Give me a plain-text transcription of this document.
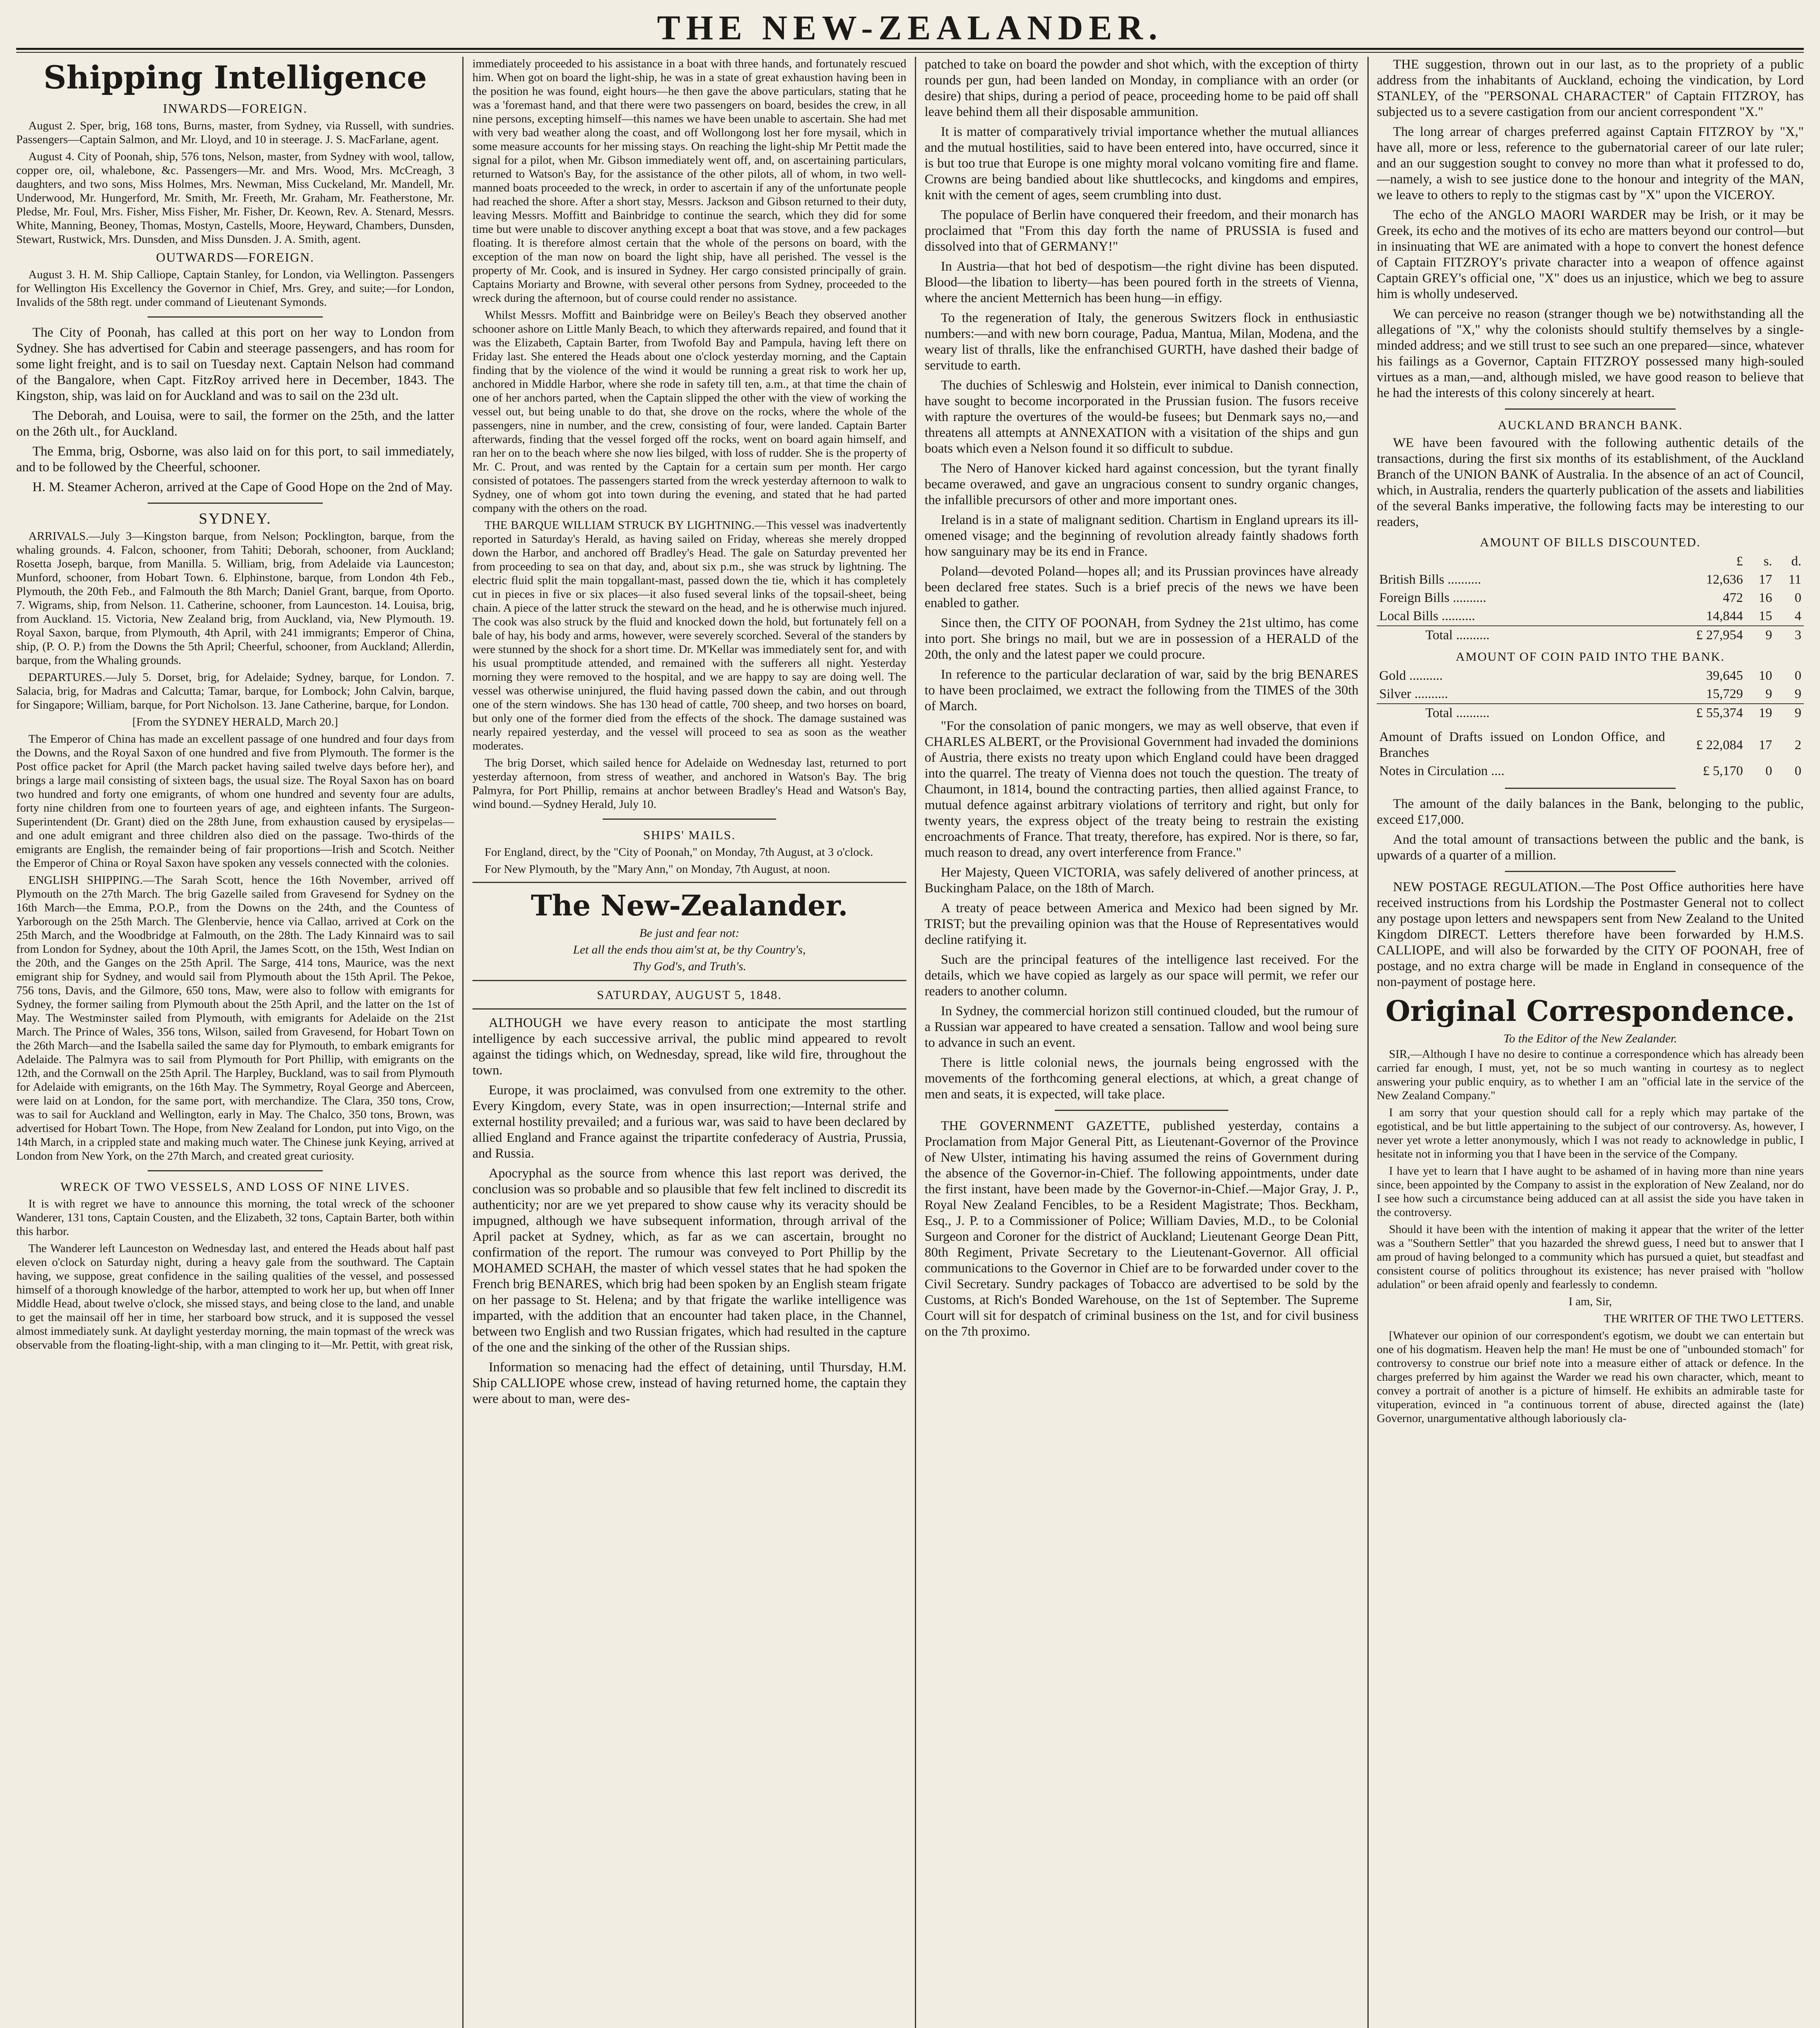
THE NEW-ZEALANDER.
Shipping Intelligence
INWARDS—FOREIGN.

August 2. Sper, brig, 168 tons, Burns, master, from Sydney, via Russell, with sundries. Passengers—Captain Salmon, and Mr. Lloyd, and 10 in steerage. J. S. MacFarlane, agent.

August 4. City of Poonah, ship, 576 tons, Nelson, master, from Sydney with wool, tallow, copper ore, oil, whalebone, &c. Passengers—Mr. and Mrs. Wood, Mrs. McCreagh, 3 daughters, and two sons, Miss Holmes, Mrs. Newman, Miss Cuckeland, Mr. Mandell, Mr. Underwood, Mr. Hungerford, Mr. Smith, Mr. Freeth, Mr. Graham, Mr. Featherstone, Mr. Pledse, Mr. Foul, Mrs. Fisher, Miss Fisher, Mr. Fisher, Dr. Keown, Rev. A. Stenard, Messrs. White, Manning, Beoney, Thomas, Mostyn, Castells, Moore, Heyward, Chambers, Dunsden, Stewart, Rustwick, Mrs. Dunsden, and Miss Dunsden. J. A. Smith, agent.

OUTWARDS—FOREIGN.

August 3. H. M. Ship Calliope, Captain Stanley, for London, via Wellington. Passengers for Wellington His Excellency the Governor in Chief, Mrs. Grey, and suite;—for London, Invalids of the 58th regt. under command of Lieutenant Symonds.

The City of Poonah, has called at this port on her way to London from Sydney. She has advertised for Cabin and steerage passengers, and has room for some light freight, and is to sail on Tuesday next. Captain Nelson had command of the Bangalore, when Capt. FitzRoy arrived here in December, 1843. The Kingston, ship, was laid on for Auckland and was to sail on the 23d ult.

The Deborah, and Louisa, were to sail, the former on the 25th, and the latter on the 26th ult., for Auckland.

The Emma, brig, Osborne, was also laid on for this port, to sail immediately, and to be followed by the Cheerful, schooner.

H. M. Steamer Acheron, arrived at the Cape of Good Hope on the 2nd of May.

SYDNEY.

ARRIVALS.—July 3—Kingston barque, from Nelson; Pocklington, barque, from the whaling grounds. 4. Falcon, schooner, from Tahiti; Deborah, schooner, from Auckland; Rosetta Joseph, barque, from Manilla. 5. William, brig, from Adelaide via Launceston; Munford, schooner, from Hobart Town. 6. Elphinstone, barque, from London 4th Feb., Plymouth, the 20th Feb., and Falmouth the 8th March; Daniel Grant, barque, from Oporto. 7. Wigrams, ship, from Nelson. 11. Catherine, schooner, from Launceston. 14. Louisa, brig, from Auckland. 15. Victoria, New Zealand brig, from Auckland, via, New Plymouth. 19. Royal Saxon, barque, from Plymouth, 4th April, with 241 immigrants; Emperor of China, ship, (P. O. P.) from the Downs the 5th April; Cheerful, schooner, from Auckland; Allerdin, barque, from the Whaling grounds.

DEPARTURES.—July 5. Dorset, brig, for Adelaide; Sydney, barque, for London. 7. Salacia, brig, for Madras and Calcutta; Tamar, barque, for Lombock; John Calvin, barque, for Singapore; William, barque, for Port Nicholson. 13. Jane Catherine, barque, for London.

[From the SYDNEY HERALD, March 20.]

The Emperor of China has made an excellent passage of one hundred and four days from the Downs, and the Royal Saxon of one hundred and five from Plymouth. The former is the Post office packet for April (the March packet having sailed twelve days before her), and brings a large mail consisting of sixteen bags, the usual size. The Royal Saxon has on board two hundred and forty one emigrants, of whom one hundred and seventy four are adults, forty nine children from one to fourteen years of age, and eighteen infants. The Surgeon-Superintendent (Dr. Grant) died on the 28th June, from exhaustion caused by erysipelas—and one adult emigrant and three children also died on the passage. Two-thirds of the emigrants are English, the remainder being of fair proportions—Irish and Scotch. Neither the Emperor of China or Royal Saxon have spoken any vessels connected with the colonies.

ENGLISH SHIPPING.—The Sarah Scott, hence the 16th November, arrived off Plymouth on the 27th March. The brig Gazelle sailed from Gravesend for Sydney on the 16th March—the Emma, P.O.P., from the Downs on the 24th, and the Countess of Yarborough on the 25th March. The Glenbervie, hence via Callao, arrived at Cork on the 25th March, and the Woodbridge at Falmouth, on the 28th. The Lady Kinnaird was to sail from London for Sydney, about the 10th April, the James Scott, on the 15th, West Indian on the 20th, and the Ganges on the 25th April. The Sarge, 414 tons, Maurice, was the next emigrant ship for Sydney, and would sail from Plymouth about the 15th April. The Pekoe, 756 tons, Davis, and the Gilmore, 650 tons, Maw, were also to follow with emigrants for Sydney, the former sailing from Plymouth about the 25th April, and the latter on the 1st of May. The Westminster sailed from Plymouth, with emigrants for Adelaide on the 21st March. The Prince of Wales, 356 tons, Wilson, sailed from Gravesend, for Hobart Town on the 26th March—and the Isabella sailed the same day for Plymouth, to embark emigrants for Adelaide. The Palmyra was to sail from Plymouth for Port Phillip, with emigrants on the 12th, and the Cornwall on the 25th April. The Harpley, Buckland, was to sail from Plymouth for Adelaide with emigrants, on the 16th May. The Symmetry, Royal George and Aberceen, were laid on at London, for the same port, with merchandize. The Clara, 350 tons, Crow, was to sail for Auckland and Wellington, early in May. The Chalco, 350 tons, Brown, was advertised for Hobart Town. The Hope, from New Zealand for London, put into Vigo, on the 14th March, in a crippled state and making much water. The Chinese junk Keying, arrived at London from New York, on the 27th March, and created great curiosity.

WRECK OF TWO VESSELS, AND LOSS OF NINE LIVES.

It is with regret we have to announce this morning, the total wreck of the schooner Wanderer, 131 tons, Captain Cousten, and the Elizabeth, 32 tons, Captain Barter, both within this harbor.

The Wanderer left Launceston on Wednesday last, and entered the Heads about half past eleven o'clock on Saturday night, during a heavy gale from the southward. The Captain having, we suppose, great confidence in the sailing qualities of the vessel, and possessed himself of a thorough knowledge of the harbor, attempted to work her up, but when off Inner Middle Head, about twelve o'clock, she missed stays, and being close to the land, and unable to get the mainsail off her in time, her starboard bow struck, and it is supposed the vessel almost immediately sunk. At daylight yesterday morning, the main topmast of the wreck was observable from the floating-light-ship, with a man clinging to it—Mr. Pettit, with great risk,

immediately proceeded to his assistance in a boat with three hands, and fortunately rescued him. When got on board the light-ship, he was in a state of great exhaustion having been in the position he was found, eight hours—he then gave the above particulars, stating that he was a 'foremast hand, and that there were two passengers on board, besides the crew, in all nine persons, excepting himself—this names we have been unable to ascertain. She had met with very bad weather along the coast, and off Wollongong lost her fore mysail, which in some measure accounts for her missing stays. On reaching the light-ship Mr Pettit made the signal for a pilot, when Mr. Gibson immediately went off, and, on ascertaining particulars, returned to Watson's Bay, for the assistance of the other pilots, all of whom, in two well-manned boats proceeded to the wreck, in order to ascertain if any of the unfortunate people had reached the shore. After a short stay, Messrs. Jackson and Gibson returned to their duty, leaving Messrs. Moffitt and Bainbridge to continue the search, which they did for some time but were unable to discover anything except a boat that was stove, and a few packages floating. It is therefore almost certain that the whole of the persons on board, with the exception of the man now on board the light ship, have all perished. The vessel is the property of Mr. Cook, and is insured in Sydney. Her cargo consisted principally of grain. Captains Moriarty and Browne, with several other persons from Sydney, proceeded to the wreck during the afternoon, but of course could render no assistance.

Whilst Messrs. Moffitt and Bainbridge were on Beiley's Beach they observed another schooner ashore on Little Manly Beach, to which they afterwards repaired, and found that it was the Elizabeth, Captain Barter, from Twofold Bay and Pampula, having left there on Friday last. She entered the Heads about one o'clock yesterday morning, and the Captain finding that by the violence of the wind it would be running a great risk to work her up, anchored in Middle Harbor, where she rode in safety till ten, a.m., at that time the chain of one of her anchors parted, when the Captain slipped the other with the view of working the vessel out, but being unable to do that, she drove on the rocks, where the whole of the passengers, nine in number, and the crew, consisting of four, were landed. Captain Barter afterwards, finding that the vessel forged off the rocks, went on board again himself, and ran her on to the beach where she now lies bilged, with loss of rudder. She is the property of Mr. C. Prout, and was rented by the Captain for a certain sum per month. Her cargo consisted of potatoes. The passengers started from the wreck yesterday afternoon to walk to Sydney, one of whom got into town during the evening, and stated that he had parted company with the others on the road.

THE BARQUE WILLIAM STRUCK BY LIGHTNING.—This vessel was inadvertently reported in Saturday's Herald, as having sailed on Friday, whereas she merely dropped down the Harbor, and anchored off Bradley's Head. The gale on Saturday prevented her from proceeding to sea on that day, and, about six p.m., she was struck by lightning. The electric fluid split the main topgallant-mast, passed down the tie, which it has completely cut in pieces in five or six places—it also fused several links of the topsail-sheet, being chain. A piece of the latter struck the steward on the head, and he is otherwise much injured. The cook was also struck by the fluid and knocked down the hold, but fortunately fell on a bale of hay, his body and arms, however, were severely scorched. Several of the standers by were stunned by the shock for a short time. Dr. M'Kellar was immediately sent for, and with his usual promptitude attended, and remained with the sufferers all night. Yesterday morning they were removed to the hospital, and we are happy to say are doing well. The vessel was otherwise uninjured, the fluid having passed down the cabin, and out through one of the stern windows. She has 130 head of cattle, 700 sheep, and two horses on board, but only one of the former died from the effects of the shock. The damage sustained was nearly repaired yesterday, and the vessel will proceed to sea as soon as the weather moderates.

The brig Dorset, which sailed hence for Adelaide on Wednesday last, returned to port yesterday afternoon, from stress of weather, and anchored in Watson's Bay. The brig Palmyra, for Port Phillip, remains at anchor between Bradley's Head and Watson's Bay, wind bound.—Sydney Herald, July 10.

SHIPS' MAILS.

For England, direct, by the "City of Poonah," on Monday, 7th August, at 3 o'clock.

For New Plymouth, by the "Mary Ann," on Monday, 7th August, at noon.

The New-Zealander.
Be just and fear not:
Let all the ends thou aim'st at, be thy Country's,
Thy God's, and Truth's.
SATURDAY, AUGUST 5, 1848.

ALTHOUGH we have every reason to anticipate the most startling intelligence by each successive arrival, the public mind appeared to revolt against the tidings which, on Wednesday, spread, like wild fire, throughout the town.

Europe, it was proclaimed, was convulsed from one extremity to the other. Every Kingdom, every State, was in open insurrection;—Internal strife and external hostility prevailed; and a furious war, was said to have been declared by allied England and France against the tripartite confederacy of Austria, Prussia, and Russia.

Apocryphal as the source from whence this last report was derived, the conclusion was so probable and so plausible that few felt inclined to discredit its authenticity; nor are we yet prepared to show cause why its veracity should be impugned, although we have subsequent information, through arrival of the April packet at Sydney, which, as far as we can ascertain, brought no confirmation of the report. The rumour was conveyed to Port Phillip by the MOHAMED SCHAH, the master of which vessel states that he had spoken the French brig BENARES, which brig had been spoken by an English steam frigate on her passage to St. Helena; and by that frigate the warlike intelligence was imparted, with the addition that an encounter had taken place, in the Channel, between two English and two Russian frigates, which had resulted in the capture of the one and the sinking of the other of the Russian ships.

Information so menacing had the effect of detaining, until Thursday, H.M. Ship CALLIOPE whose crew, instead of having returned home, the captain they were about to man, were des-

patched to take on board the powder and shot which, with the exception of thirty rounds per gun, had been landed on Monday, in compliance with an order (or desire) that ships, during a period of peace, proceeding home to be paid off shall leave behind them all their disposable ammunition.

It is matter of comparatively trivial importance whether the mutual alliances and the mutual hostilities, said to have been entered into, have occurred, since it is but too true that Europe is one mighty moral volcano vomiting fire and flame. Crowns are being bandied about like shuttlecocks, and kingdoms and empires, knit with the cement of ages, seem crumbling into dust.

The populace of Berlin have conquered their freedom, and their monarch has proclaimed that "From this day forth the name of PRUSSIA is fused and dissolved into that of GERMANY!"

In Austria—that hot bed of despotism—the right divine has been disputed. Blood—the libation to liberty—has been poured forth in the streets of Vienna, where the ancient Metternich has been hung—in effigy.

To the regeneration of Italy, the generous Switzers flock in enthusiastic numbers:—and with new born courage, Padua, Mantua, Milan, Modena, and the weary list of thralls, like the enfranchised GURTH, have dashed their badge of servitude to earth.

The duchies of Schleswig and Holstein, ever inimical to Danish connection, have sought to become incorporated in the Prussian fusion. The fusors receive with rapture the overtures of the would-be fusees; but Denmark says no,—and threatens all attempts at ANNEXATION with a visitation of the ships and gun boats which even a Nelson found it so difficult to subdue.

The Nero of Hanover kicked hard against concession, but the tyrant finally became overawed, and gave an ungracious consent to sundry organic changes, the infallible precursors of other and more important ones.

Ireland is in a state of malignant sedition. Chartism in England uprears its ill-omened visage; and the beginning of revolution already faintly shadows forth how sanguinary may be its end in France.

Poland—devoted Poland—hopes all; and its Prussian provinces have already been declared free states. Such is a brief precis of the news we have been enabled to gather.

Since then, the CITY OF POONAH, from Sydney the 21st ultimo, has come into port. She brings no mail, but we are in possession of a HERALD of the 20th, the only and the latest paper we could procure.

In reference to the particular declaration of war, said by the brig BENARES to have been proclaimed, we extract the following from the TIMES of the 30th of March.

"For the consolation of panic mongers, we may as well observe, that even if CHARLES ALBERT, or the Provisional Government had invaded the dominions of Austria, there exists no treaty upon which England could have been dragged into the quarrel. The treaty of Vienna does not touch the question. The treaty of Chaumont, in 1814, bound the contracting parties, then allied against France, to mutual defence against arbitrary violations of territory and right, but only for twenty years, the express object of the treaty being to restrain the existing encroachments of France. That treaty, therefore, has expired. Nor is there, so far, much reason to dread, any overt interference from France."

Her Majesty, Queen VICTORIA, was safely delivered of another princess, at Buckingham Palace, on the 18th of March.

A treaty of peace between America and Mexico had been signed by Mr. TRIST; but the prevailing opinion was that the House of Representatives would decline ratifying it.

Such are the principal features of the intelligence last received. For the details, which we have copied as largely as our space will permit, we refer our readers to another column.

In Sydney, the commercial horizon still continued clouded, but the rumour of a Russian war appeared to have created a sensation. Tallow and wool being sure to advance in such an event.

There is little colonial news, the journals being engrossed with the movements of the forthcoming general elections, at which, a great change of men and seats, it is expected, will take place.

THE GOVERNMENT GAZETTE, published yesterday, contains a Proclamation from Major General Pitt, as Lieutenant-Governor of the Province of New Ulster, intimating his having assumed the reins of Government during the absence of the Governor-in-Chief. The following appointments, under date the first instant, have been made by the Governor-in-Chief.—Major Gray, J. P., Royal New Zealand Fencibles, to be a Resident Magistrate; Thos. Beckham, Esq., J. P. to a Commissioner of Police; William Davies, M.D., to be Colonial Surgeon and Coroner for the district of Auckland; Lieutenant George Dean Pitt, 80th Regiment, Private Secretary to the Lieutenant-Governor. All official communications to the Governor in Chief are to be forwarded under cover to the Civil Secretary. Sundry packages of Tobacco are advertised to be sold by the Customs, at Rich's Bonded Warehouse, on the 1st of September. The Supreme Court will sit for despatch of criminal business on the 1st, and for civil business on the 7th proximo.

THE suggestion, thrown out in our last, as to the propriety of a public address from the inhabitants of Auckland, echoing the vindication, by Lord STANLEY, of the "PERSONAL CHARACTER" of Captain FITZROY, has subjected us to a severe castigation from our ancient correspondent "X."

The long arrear of charges preferred against Captain FITZROY by "X," have all, more or less, reference to the gubernatorial career of our late ruler; and an our suggestion sought to convey no more than what it professed to do,—namely, a wish to see justice done to the honour and integrity of the MAN, we leave to others to reply to the stigmas cast by "X" upon the VICEROY.

The echo of the ANGLO MAORI WARDER may be Irish, or it may be Greek, its echo and the motives of its echo are matters beyond our control—but in insinuating that WE are animated with a hope to convert the honest defence of Captain FITZROY's private character into a weapon of offence against Captain GREY's official one, "X" does us an injustice, which we beg to assure him is wholly undeserved.

We can perceive no reason (stranger though we be) notwithstanding all the allegations of "X," why the colonists should stultify themselves by a single-minded address; and we still trust to see such an one prepared—since, whatever his failings as a Governor, Captain FITZROY possessed many high-souled virtues as a man,—and, although misled, we have good reason to believe that he had the interests of this colony sincerely at heart.

AUCKLAND BRANCH BANK.

WE have been favoured with the following authentic details of the transactions, during the first six months of its establishment, of the Auckland Branch of the UNION BANK of Australia. In the absence of an act of Council, which, in Australia, renders the quarterly publication of the assets and liabilities of the several Banks imperative, the following facts may be interesting to our readers,

AMOUNT OF BILLS DISCOUNTED.
	£	s.	d.
British Bills ..........	12,636	17	11
Foreign Bills ..........	472	16	0
Local Bills ..........	14,844	15	4
Total ..........	£ 27,954	9	3
AMOUNT OF COIN PAID INTO THE BANK.
Gold ..........	39,645	10	0
Silver ..........	15,729	9	9
Total ..........	£ 55,374	19	9
Amount of Drafts issued on London Office, and Branches	£ 22,084	17	2
Notes in Circulation ....	£ 5,170	0	0

The amount of the daily balances in the Bank, belonging to the public, exceed £17,000.

And the total amount of transactions between the public and the bank, is upwards of a quarter of a million.

NEW POSTAGE REGULATION.—The Post Office authorities here have received instructions from his Lordship the Postmaster General not to collect any postage upon letters and newspapers sent from New Zealand to the United Kingdom DIRECT. Letters therefore have been forwarded by H.M.S. CALLIOPE, and will also be forwarded by the CITY OF POONAH, free of postage, and no extra charge will be made in England in consequence of the non-payment of postage here.

Original Correspondence.
To the Editor of the New Zealander.

SIR,—Although I have no desire to continue a correspondence which has already been carried far enough, I must, yet, not be so much wanting in courtesy as to neglect answering your public enquiry, as to whether I am an "official late in the service of the New Zealand Company."

I am sorry that your question should call for a reply which may partake of the egotistical, and be but little appertaining to the subject of our controversy. As, however, I never yet wrote a letter anonymously, which I was not ready to acknowledge in public, I hesitate not in informing you that I have been in the service of the Company.

I have yet to learn that I have aught to be ashamed of in having more than nine years since, been appointed by the Company to assist in the exploration of New Zealand, nor do I see how such a circumstance being adduced can at all assist the side you have taken in the controversy.

Should it have been with the intention of making it appear that the writer of the letter was a "Southern Settler" that you hazarded the shrewd guess, I need but to answer that I am proud of having belonged to a community which has pursued a quiet, but steadfast and consistent course of politics throughout its existence; has never praised with "hollow adulation" or been afraid openly and fearlessly to condemn.

I am, Sir,

THE WRITER OF THE TWO LETTERS.

[Whatever our opinion of our correspondent's egotism, we doubt we can entertain but one of his dogmatism. Heaven help the man! He must be one of "unbounded stomach" for controversy to construe our brief note into a measure either of attack or defence. In the charges preferred by him against the Warder we read his own character, which, meant to convey a portrait of another is a picture of himself. He exhibits an admirable taste for vituperation, evinced in "a continuous torrent of abuse, directed against the (late) Governor, unargumentative although laboriously cla-
